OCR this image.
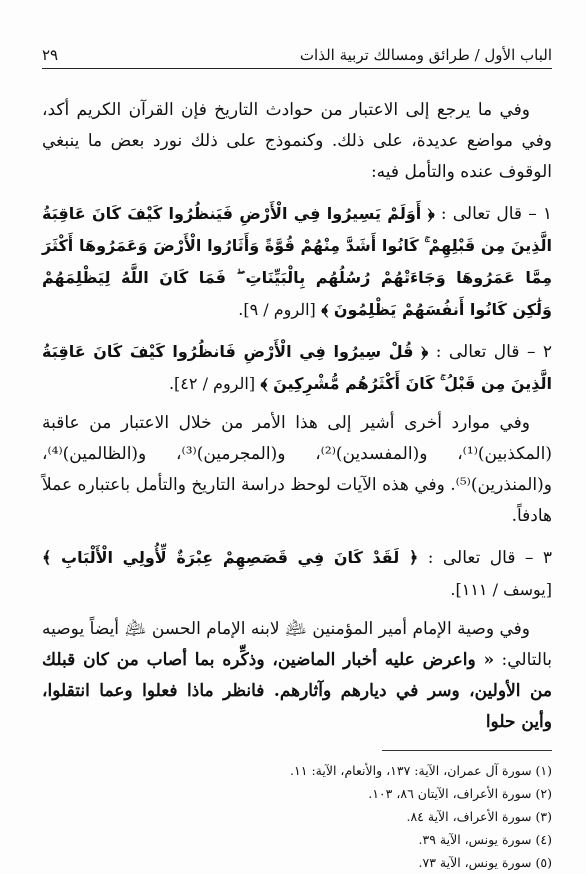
الباب الأول / طرائق ومسالك تربية الذات
٢٩

وفي ما يرجع إلى الاعتبار من حوادث التاريخ فإن القرآن الكريم أكد، وفي مواضع عديدة، على ذلك. وكنموذج على ذلك نورد بعض ما ينبغي الوقوف عنده والتأمل فيه:

١ – قال تعالى : ﴿ أَوَلَمْ يَسِيرُوا فِي الْأَرْضِ فَيَنظُرُوا كَيْفَ كَانَ عَاقِبَةُ الَّذِينَ مِن قَبْلِهِمْ ۚ كَانُوا أَشَدَّ مِنْهُمْ قُوَّةً وَأَثَارُوا الْأَرْضَ وَعَمَرُوهَا أَكْثَرَ مِمَّا عَمَرُوهَا وَجَاءَتْهُمْ رُسُلُهُم بِالْبَيِّنَاتِ ۖ فَمَا كَانَ اللَّهُ لِيَظْلِمَهُمْ وَلَٰكِن كَانُوا أَنفُسَهُمْ يَظْلِمُونَ ﴾ [الروم / ٩].

٢ – قال تعالى : ﴿ قُلْ سِيرُوا فِي الْأَرْضِ فَانظُرُوا كَيْفَ كَانَ عَاقِبَةُ الَّذِينَ مِن قَبْلُ ۚ كَانَ أَكْثَرُهُم مُّشْرِكِينَ ﴾ [الروم / ٤٢].

وفي موارد أخرى أشير إلى هذا الأمر من خلال الاعتبار من عاقبة (المكذبين)⁽¹⁾، و(المفسدين)⁽²⁾، و(المجرمين)⁽³⁾، و(الظالمين)⁽⁴⁾، و(المنذرين)⁽⁵⁾. وفي هذه الآيات لوحظ دراسة التاريخ والتأمل باعتباره عملاً هادفاً.

٣ – قال تعالى : ﴿ لَقَدْ كَانَ فِي قَصَصِهِمْ عِبْرَةٌ لِّأُولِي الْأَلْبَابِ ﴾ [يوسف / ١١١].

وفي وصية الإمام أمير المؤمنين ﵇ لابنه الإمام الحسن ﵇ أيضاً يوصيه بالتالي: « واعرض عليه أخبار الماضين، وذكِّره بما أصاب من كان قبلك من الأولين، وسر في ديارهم وآثارهم. فانظر ماذا فعلوا وعما انتقلوا، وأين حلوا

(١) سورة آل عمران، الآية: ١٣٧، والأنعام، الآية: ١١.
(٢) سورة الأعراف، الآيتان ٨٦، ١٠٣.
(٣) سورة الأعراف، الآية ٨٤.
(٤) سورة يونس، الآية ٣٩.
(٥) سورة يونس، الآية ٧٣.
